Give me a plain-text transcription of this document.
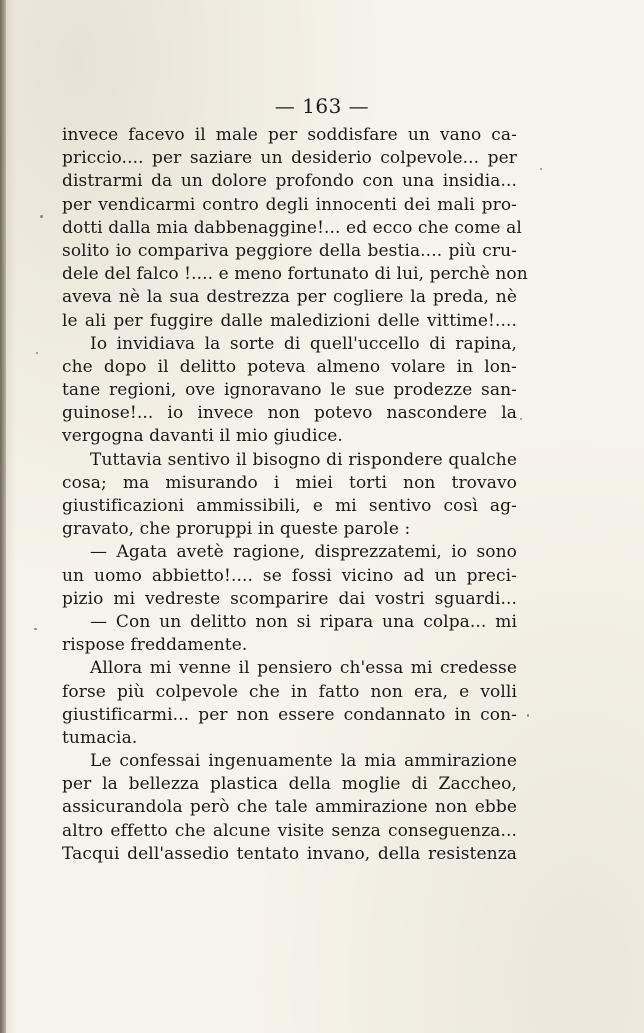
— 163 —
invece facevo il male per soddisfare un vano ca-
priccio.... per saziare un desiderio colpevole... per
distrarmi da un dolore profondo con una insidia...
per vendicarmi contro degli innocenti dei mali pro-
dotti dalla mia dabbenaggine!... ed ecco che come al
solito io compariva peggiore della bestia.... più cru-
dele del falco !.... e meno fortunato di lui, perchè non
aveva nè la sua destrezza per cogliere la preda, nè
le ali per fuggire dalle maledizioni delle vittime!....
Io invidiava la sorte di quell'uccello di rapina,
che dopo il delitto poteva almeno volare in lon-
tane regioni, ove ignoravano le sue prodezze san-
guinose!... io invece non potevo nascondere la
vergogna davanti il mio giudice.
Tuttavia sentivo il bisogno di rispondere qualche
cosa; ma misurando i miei torti non trovavo
giustificazioni ammissibili, e mi sentivo così ag-
gravato, che proruppi in queste parole :
— Agata avetè ragione, disprezzatemi, io sono
un uomo abbietto!.... se fossi vicino ad un preci-
pizio mi vedreste scomparire dai vostri sguardi...
— Con un delitto non si ripara una colpa... mi
rispose freddamente.
Allora mi venne il pensiero ch'essa mi credesse
forse più colpevole che in fatto non era, e volli
giustificarmi... per non essere condannato in con-
tumacia.
Le confessai ingenuamente la mia ammirazione
per la bellezza plastica della moglie di Zaccheo,
assicurandola però che tale ammirazione non ebbe
altro effetto che alcune visite senza conseguenza...
Tacqui dell'assedio tentato invano, della resistenza
